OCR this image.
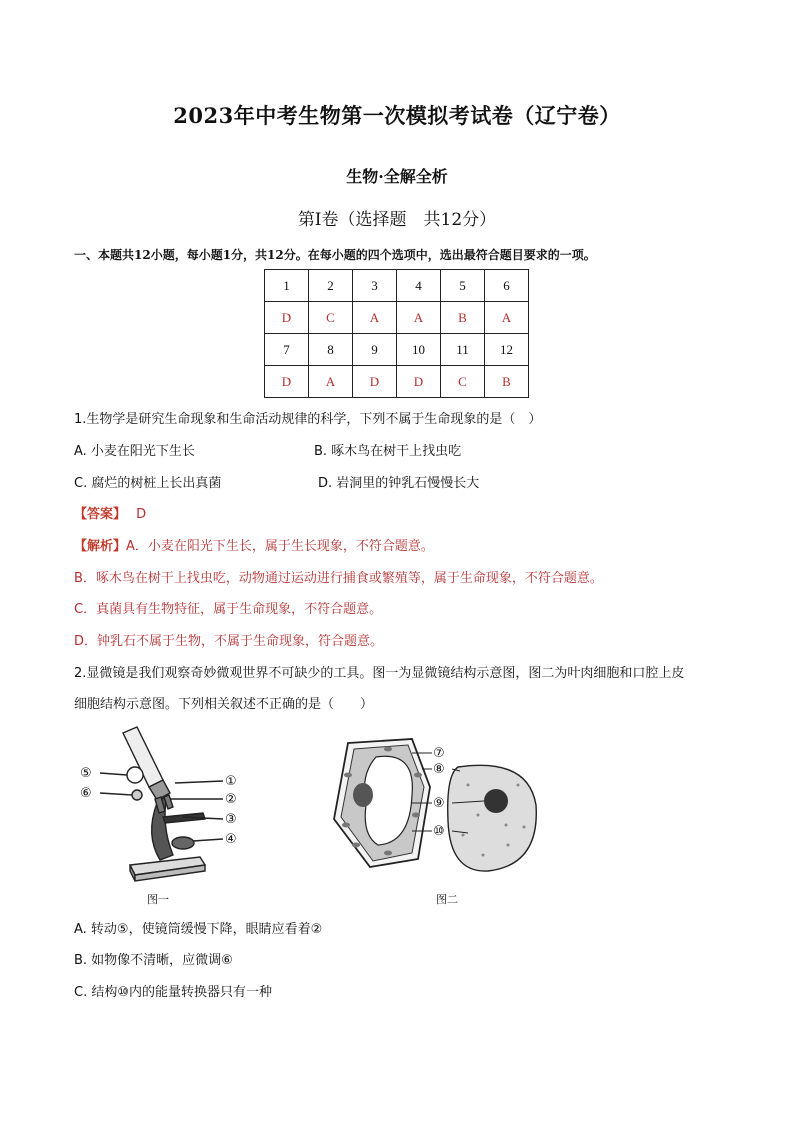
2023年中考生物第一次模拟考试卷（辽宁卷）
生物·全解全析
第Ⅰ卷（选择题　共12分）
一、本题共12小题，每小题1分，共12分。在每小题的四个选项中，选出最符合题目要求的一项。
1	2	3	4	5	6
D	C	A	A	B	A
7	8	9	10	11	12
D	A	D	D	C	B
1.生物学是研究生命现象和生命活动规律的科学，下列不属于生命现象的是（　）
A. 小麦在阳光下生长	B. 啄木鸟在树干上找虫吃
C. 腐烂的树桩上长出真菌	D. 岩洞里的钟乳石慢慢长大
【答案】 D
【解析】A．小麦在阳光下生长，属于生长现象，不符合题意。
B．啄木鸟在树干上找虫吃，动物通过运动进行捕食或繁殖等，属于生命现象，不符合题意。
C．真菌具有生物特征，属于生命现象，不符合题意。
D．钟乳石不属于生物，不属于生命现象，符合题意。
2.显微镜是我们观察奇妙微观世界不可缺少的工具。图一为显微镜结构示意图，图二为叶肉细胞和口腔上皮
细胞结构示意图。下列相关叙述不正确的是（　　）
⑤
⑥
①
②
③
④
图一
⑦
⑧
⑨
⑩
图二
A. 转动⑤，使镜筒缓慢下降，眼睛应看着②
B. 如物像不清晰，应微调⑥
C. 结构⑩内的能量转换器只有一种
